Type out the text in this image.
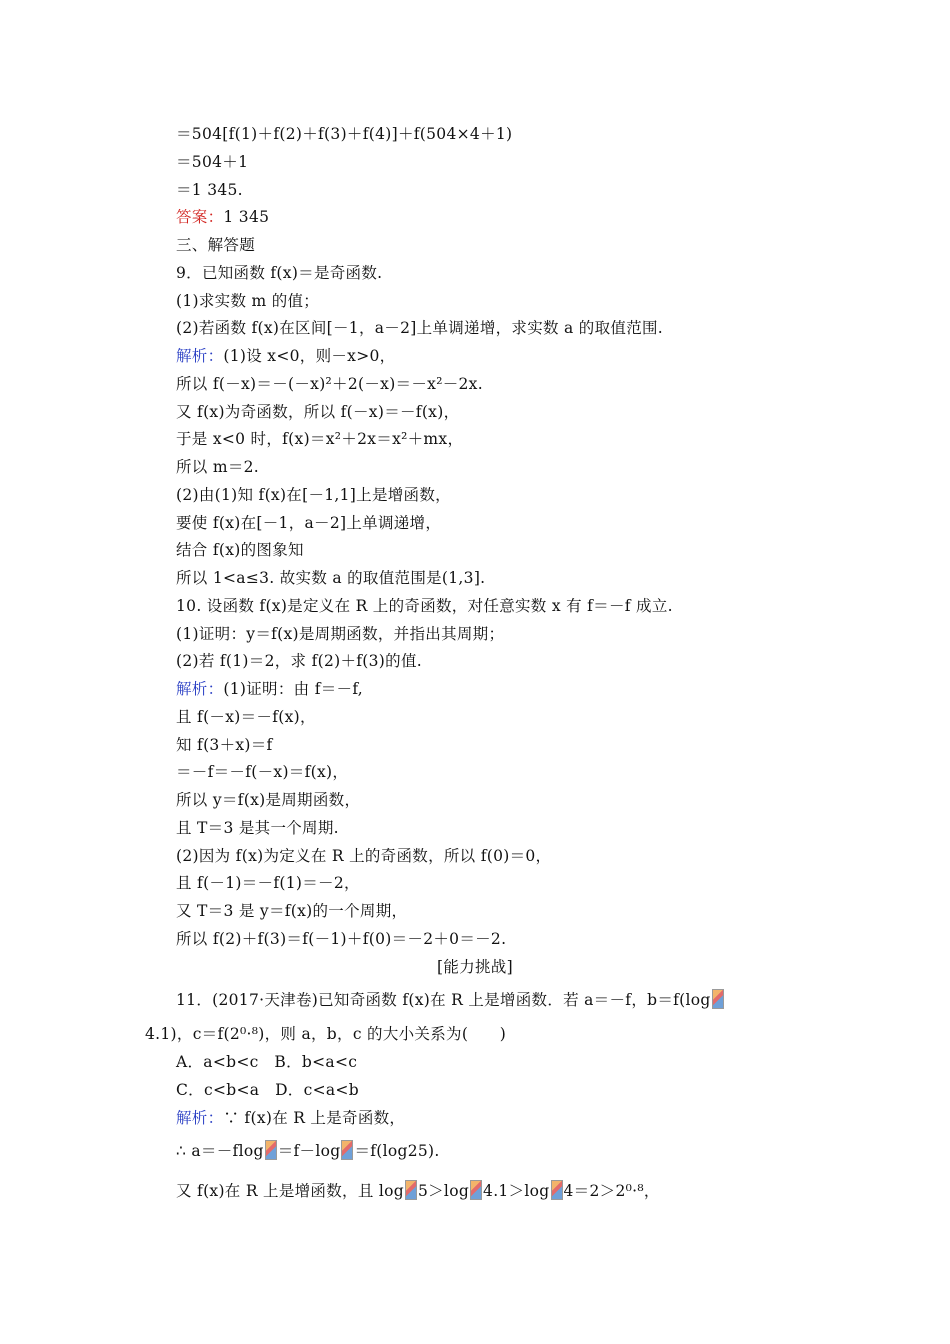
＝504[f(1)＋f(2)＋f(3)＋f(4)]＋f(504×4＋1)
＝504＋1
＝1 345.
答案：1 345
三、解答题
9．已知函数 f(x)＝是奇函数.
(1)求实数 m 的值；
(2)若函数 f(x)在区间[－1，a－2]上单调递增，求实数 a 的取值范围.
解析：(1)设 x<0，则－x>0，
所以 f(－x)＝－(－x)²＋2(－x)＝－x²－2x.
又 f(x)为奇函数，所以 f(－x)＝－f(x)，
于是 x<0 时，f(x)＝x²＋2x＝x²＋mx，
所以 m＝2.
(2)由(1)知 f(x)在[－1,1]上是增函数，
要使 f(x)在[－1，a－2]上单调递增，
结合 f(x)的图象知
所以 1<a≤3. 故实数 a 的取值范围是(1,3].
10. 设函数 f(x)是定义在 R 上的奇函数，对任意实数 x 有 f＝－f 成立.
(1)证明：y＝f(x)是周期函数，并指出其周期；
(2)若 f(1)＝2，求 f(2)＋f(3)的值.
解析：(1)证明：由 f＝－f,
且 f(－x)＝－f(x)，
知 f(3＋x)＝f
＝－f＝－f(－x)＝f(x)，
所以 y＝f(x)是周期函数，
且 T＝3 是其一个周期.
(2)因为 f(x)为定义在 R 上的奇函数，所以 f(0)＝0，
且 f(－1)＝－f(1)＝－2，
又 T＝3 是 y＝f(x)的一个周期，
所以 f(2)＋f(3)＝f(－1)＋f(0)＝－2＋0＝－2.
[能力挑战]
11．(2017·天津卷)已知奇函数 f(x)在 R 上是增函数．若 a＝－f，b＝f(log
4.1)，c＝f(2⁰·⁸)，则 a，b，c 的大小关系为(　　)
A．a<b<c　B．b<a<c
C．c<b<a　D．c<a<b
解析：∵ f(x)在 R 上是奇函数，
∴ a＝－flog ＝f－log ＝f(log25).
又 f(x)在 R 上是增函数，且 log 5＞log 4.1＞log 4＝2＞2⁰·⁸，
